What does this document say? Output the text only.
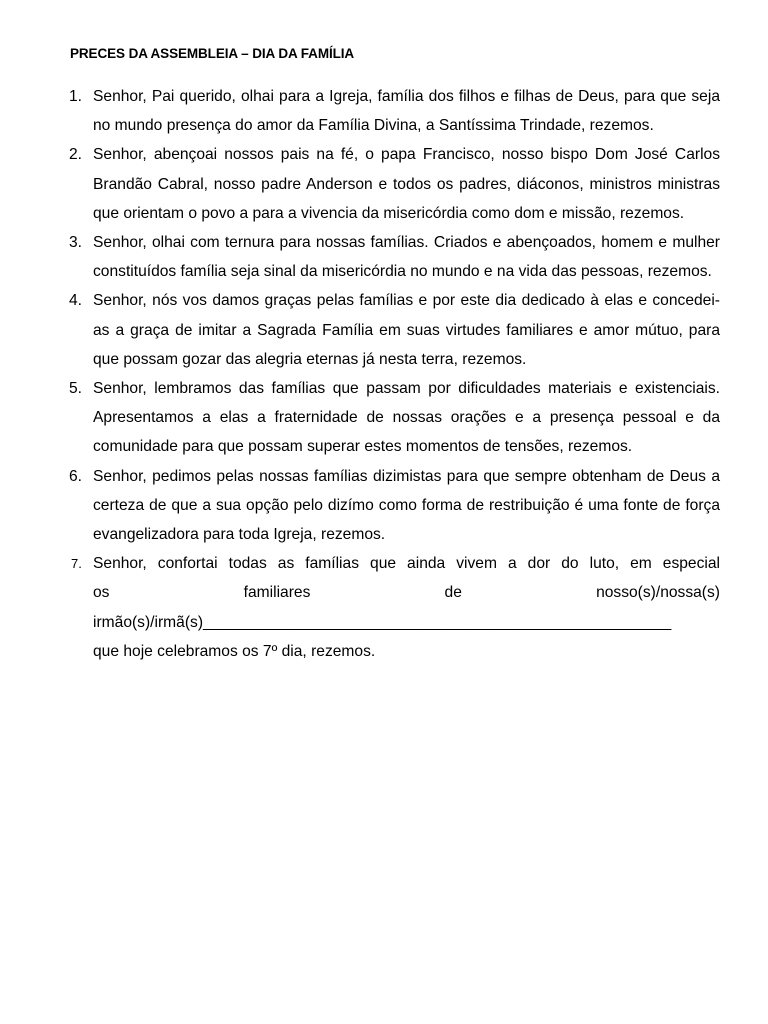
PRECES DA ASSEMBLEIA – DIA DA FAMÍLIA
1. Senhor, Pai querido, olhai para a Igreja, família dos filhos e filhas de Deus, para que seja no mundo presença do amor da Família Divina, a Santíssima Trindade, rezemos.
2. Senhor, abençoai nossos pais na fé, o papa Francisco, nosso bispo Dom José Carlos Brandão Cabral, nosso padre Anderson e todos os padres, diáconos, ministros ministras que orientam o povo a para a vivencia da misericórdia como dom e missão, rezemos.
3. Senhor, olhai com ternura para nossas famílias. Criados e abençoados, homem e mulher constituídos família seja sinal da misericórdia no mundo e na vida das pessoas, rezemos.
4. Senhor, nós vos damos graças pelas famílias e por este dia dedicado à elas e concedei-as a graça de imitar a Sagrada Família em suas virtudes familiares e amor mútuo, para que possam gozar das alegria eternas já nesta terra, rezemos.
5. Senhor, lembramos das famílias que passam por dificuldades materiais e existenciais. Apresentamos a elas a fraternidade de nossas orações e a presença pessoal e da comunidade para que possam superar estes momentos de tensões, rezemos.
6. Senhor, pedimos pelas nossas famílias dizimistas para que sempre obtenham de Deus a certeza de que a sua opção pelo dizímo como forma de restribuição é uma fonte de força evangelizadora para toda Igreja, rezemos.
7. Senhor, confortai todas as famílias que ainda vivem a dor do luto, em especial
os familiares de nosso(s)/nossa(s)
irmão(s)/irmã(s)______________________________________________________
que hoje celebramos os 7º dia, rezemos.
